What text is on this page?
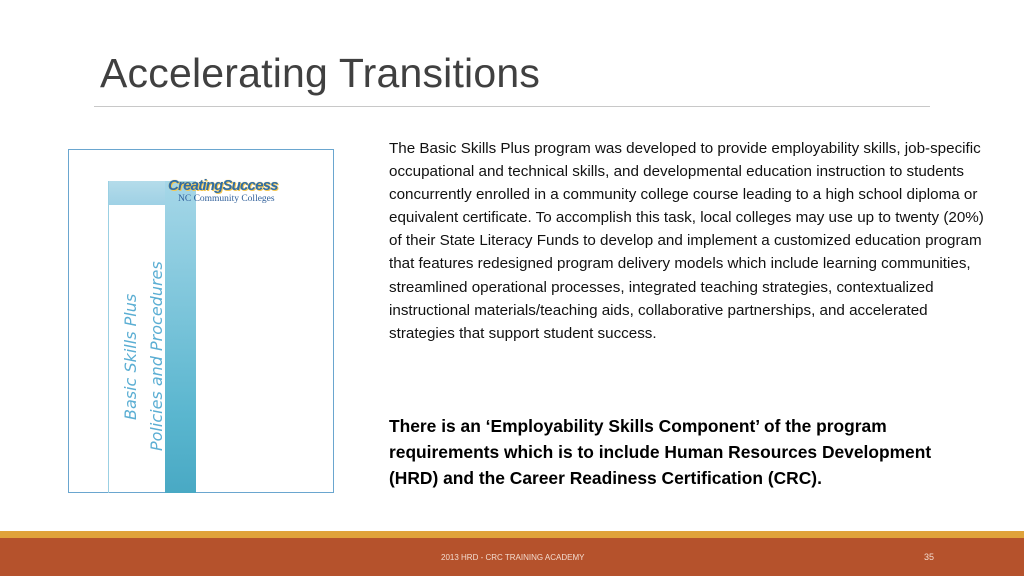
Accelerating Transitions
CreatingSuccess
NC Community Colleges
Basic Skills Plus Policies and Procedures

The Basic Skills Plus program was developed to provide employability skills, job-specific occupational and technical skills, and developmental education instruction to students concurrently enrolled in a community college course leading to a high school diploma or equivalent certificate. To accomplish this task, local colleges may use up to twenty (20%) of their State Literacy Funds to develop and implement a customized education program that features redesigned program delivery models which include learning communities, streamlined operational processes, integrated teaching strategies, contextualized instructional materials/teaching aids, collaborative partnerships, and accelerated strategies that support student success.

There is an ‘Employability Skills Component’ of the program requirements which is to include Human Resources Development (HRD) and the Career Readiness Certification (CRC).

2013 HRD - CRC TRAINING ACADEMY	35
